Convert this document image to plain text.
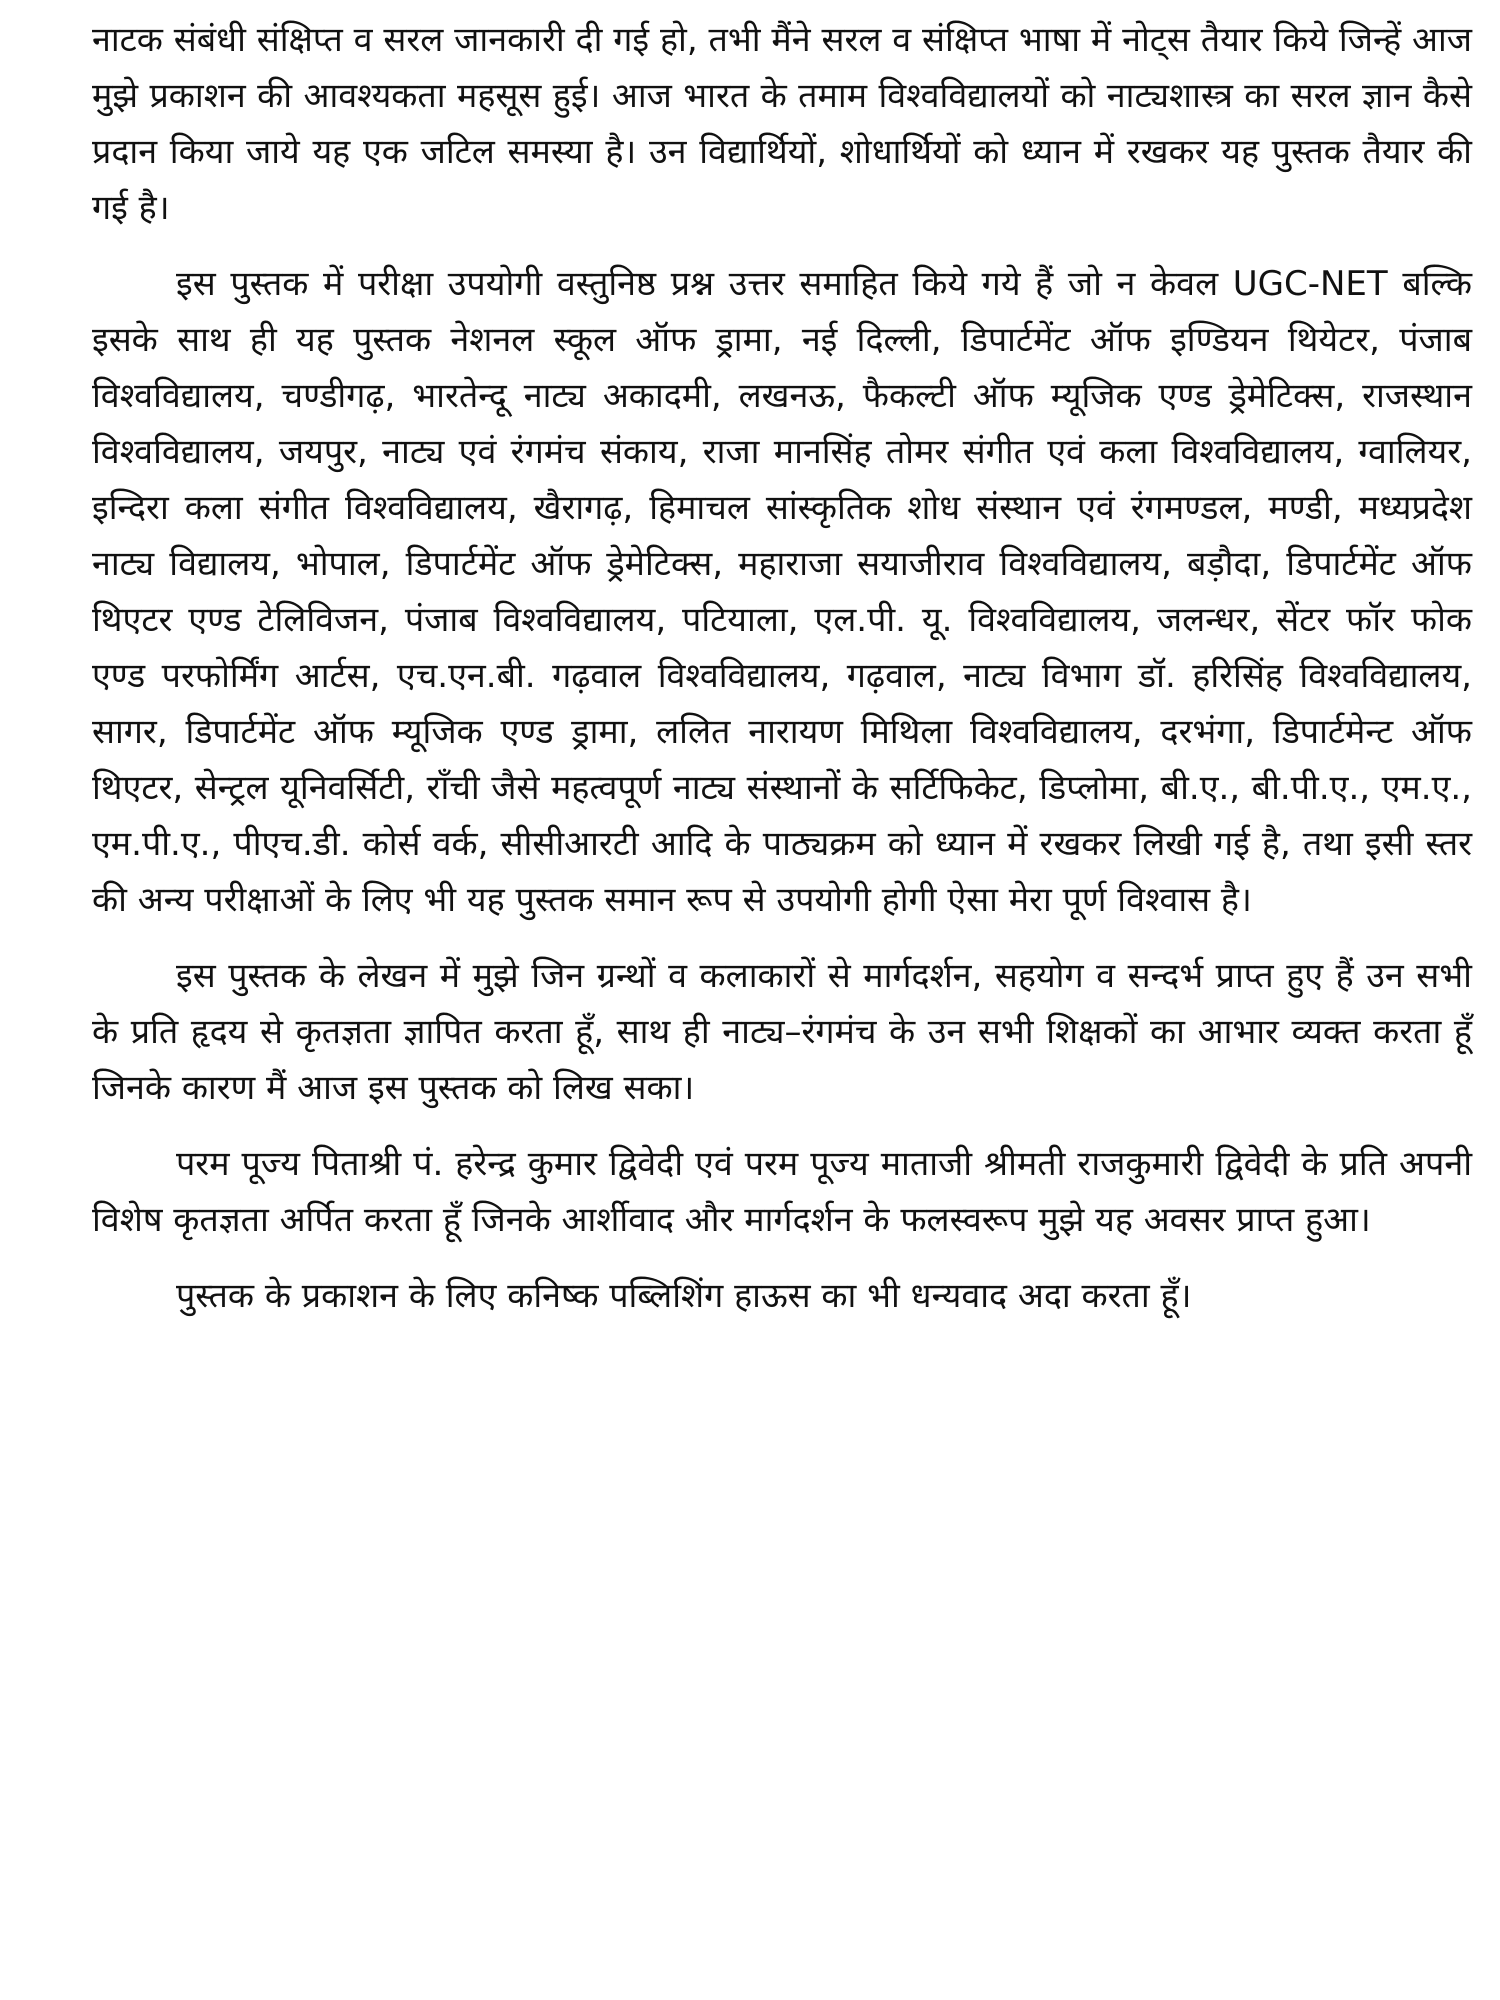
नाटक संबंधी संक्षिप्त व सरल जानकारी दी गई हो, तभी मैंने सरल व संक्षिप्त भाषा में नोट्स तैयार किये जिन्हें आज मुझे प्रकाशन की आवश्यकता महसूस हुई। आज भारत के तमाम विश्वविद्यालयों को नाट्यशास्त्र का सरल ज्ञान कैसे प्रदान किया जाये यह एक जटिल समस्या है। उन विद्यार्थियों, शोधार्थियों को ध्यान में रखकर यह पुस्तक तैयार की गई है।

इस पुस्तक में परीक्षा उपयोगी वस्तुनिष्ठ प्रश्न उत्तर समाहित किये गये हैं जो न केवल UGC-NET बल्कि इसके साथ ही यह पुस्तक नेशनल स्कूल ऑफ ड्रामा, नई दिल्ली, डिपार्टमेंट ऑफ इण्डियन थियेटर, पंजाब विश्वविद्यालय, चण्डीगढ़, भारतेन्दू नाट्य अकादमी, लखनऊ, फैकल्टी ऑफ म्यूजिक एण्ड ड्रेमेटिक्स, राजस्थान विश्वविद्यालय, जयपुर, नाट्य एवं रंगमंच संकाय, राजा मानसिंह तोमर संगीत एवं कला विश्वविद्यालय, ग्वालियर, इन्दिरा कला संगीत विश्वविद्यालय, खैरागढ़, हिमाचल सांस्कृतिक शोध संस्थान एवं रंगमण्डल, मण्डी, मध्यप्रदेश नाट्य विद्यालय, भोपाल, डिपार्टमेंट ऑफ ड्रेमेटिक्स, महाराजा सयाजीराव विश्वविद्यालय, बड़ौदा, डिपार्टमेंट ऑफ थिएटर एण्ड टेलिविजन, पंजाब विश्वविद्यालय, पटियाला, एल.पी. यू. विश्वविद्यालय, जलन्धर, सेंटर फॉर फोक एण्ड परफोर्मिंग आर्टस, एच.एन.बी. गढ़वाल विश्वविद्यालय, गढ़वाल, नाट्य विभाग डॉ. हरिसिंह विश्वविद्यालय, सागर, डिपार्टमेंट ऑफ म्यूजिक एण्ड ड्रामा, ललित नारायण मिथिला विश्वविद्यालय, दरभंगा, डिपार्टमेन्ट ऑफ थिएटर, सेन्ट्रल यूनिवर्सिटी, राँची जैसे महत्वपूर्ण नाट्य संस्थानों के सर्टिफिकेट, डिप्लोमा, बी.ए., बी.पी.ए., एम.ए., एम.पी.ए., पीएच.डी. कोर्स वर्क, सीसीआरटी आदि के पाठ्यक्रम को ध्यान में रखकर लिखी गई है, तथा इसी स्तर की अन्य परीक्षाओं के लिए भी यह पुस्तक समान रूप से उपयोगी होगी ऐसा मेरा पूर्ण विश्वास है।

इस पुस्तक के लेखन में मुझे जिन ग्रन्थों व कलाकारों से मार्गदर्शन, सहयोग व सन्दर्भ प्राप्त हुए हैं उन सभी के प्रति हृदय से कृतज्ञता ज्ञापित करता हूँ, साथ ही नाट्य–रंगमंच के उन सभी शिक्षकों का आभार व्यक्त करता हूँ जिनके कारण मैं आज इस पुस्तक को लिख सका।

परम पूज्य पिताश्री पं. हरेन्द्र कुमार द्विवेदी एवं परम पूज्य माताजी श्रीमती राजकुमारी द्विवेदी के प्रति अपनी विशेष कृतज्ञता अर्पित करता हूँ जिनके आर्शीवाद और मार्गदर्शन के फलस्वरूप मुझे यह अवसर प्राप्त हुआ।

पुस्तक के प्रकाशन के लिए कनिष्क पब्लिशिंग हाऊस का भी धन्यवाद अदा करता हूँ।
